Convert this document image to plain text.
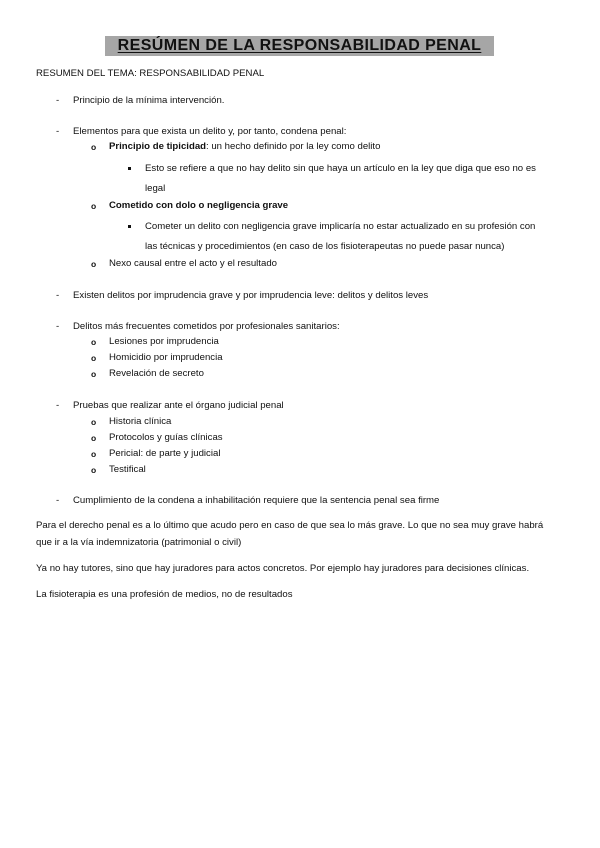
RESÚMEN DE LA RESPONSABILIDAD PENAL
RESUMEN DEL TEMA: RESPONSABILIDAD PENAL
- Principio de la mínima intervención.
- Elementos para que exista un delito y, por tanto, condena penal:
o Principio de tipicidad: un hecho definido por la ley como delito
Esto se refiere a que no hay delito sin que haya un artículo en la ley que diga que eso no es
legal
o Cometido con dolo o negligencia grave
Cometer un delito con negligencia grave implicaría no estar actualizado en su profesión con
las técnicas y procedimientos (en caso de los fisioterapeutas no puede pasar nunca)
o Nexo causal entre el acto y el resultado
- Existen delitos por imprudencia grave y por imprudencia leve: delitos y delitos leves
- Delitos más frecuentes cometidos por profesionales sanitarios:
o Lesiones por imprudencia
o Homicidio por imprudencia
o Revelación de secreto
- Pruebas que realizar ante el órgano judicial penal
o Historia clínica
o Protocolos y guías clínicas
o Pericial: de parte y judicial
o Testifical
- Cumplimiento de la condena a inhabilitación requiere que la sentencia penal sea firme
Para el derecho penal es a lo último que acudo pero en caso de que sea lo más grave. Lo que no sea muy grave habrá
que ir a la vía indemnizatoria (patrimonial o civil)
Ya no hay tutores, sino que hay juradores para actos concretos. Por ejemplo hay juradores para decisiones clínicas.
La fisioterapia es una profesión de medios, no de resultados
